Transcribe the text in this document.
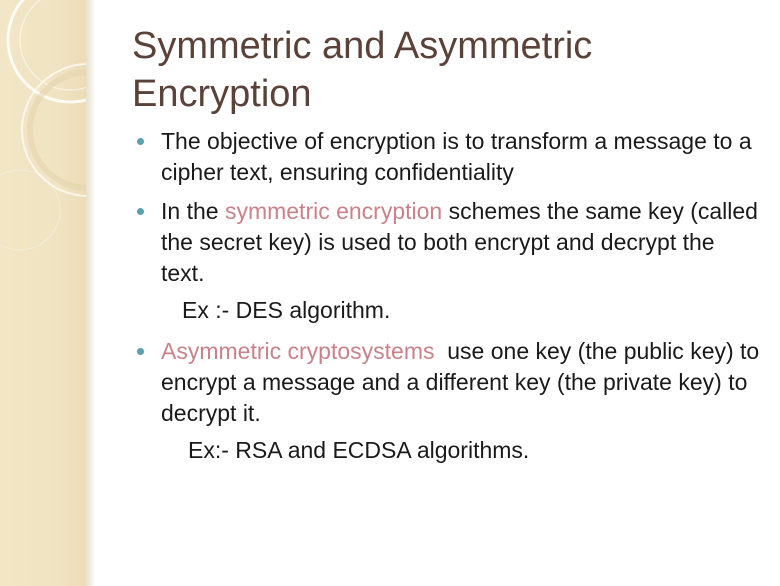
Symmetric and Asymmetric
Encryption
The objective of encryption is to transform a message to a cipher text, ensuring confidentiality
In the symmetric encryption schemes the same key (called the secret key) is used to both encrypt and decrypt the text.
Ex :- DES algorithm.
Asymmetric cryptosystems  use one key (the public key) to encrypt a message and a different key (the private key) to decrypt it.
Ex:- RSA and ECDSA algorithms.
